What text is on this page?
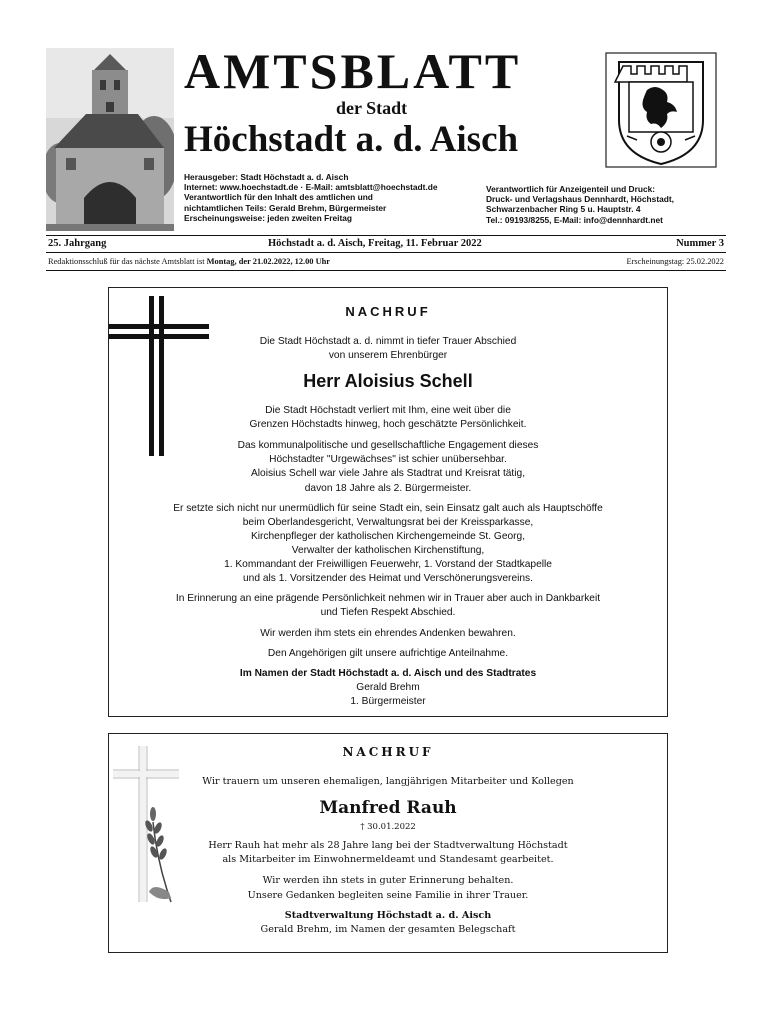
AMTSBLATT
der Stadt
Höchstadt a. d. Aisch
Herausgeber: Stadt Höchstadt a. d. Aisch
Internet: www.hoechstadt.de · E-Mail: amtsblatt@hoechstadt.de
Verantwortlich für den Inhalt des amtlichen und
nichtamtlichen Teils: Gerald Brehm, Bürgermeister
Erscheinungsweise: jeden zweiten Freitag
Verantwortlich für Anzeigenteil und Druck:
Druck- und Verlagshaus Dennhardt, Höchstadt,
Schwarzenbacher Ring 5 u. Hauptstr. 4
Tel.: 09193/8255, E-Mail: info@dennhardt.net
25. Jahrgang	Höchstadt a. d. Aisch, Freitag, 11. Februar 2022	Nummer 3
Redaktionsschluß für das nächste Amtsblatt ist Montag, der 21.02.2022, 12.00 Uhr	Erscheinungstag: 25.02.2022
NACHRUF
Die Stadt Höchstadt a. d. nimmt in tiefer Trauer Abschied
von unserem Ehrenbürger
Herr Aloisius Schell
Die Stadt Höchstadt verliert mit Ihm, eine weit über die
Grenzen Höchstadts hinweg, hoch geschätzte Persönlichkeit.
Das kommunalpolitische und gesellschaftliche Engagement dieses
Höchstadter "Urgewächses" ist schier unübersehbar.
Aloisius Schell war viele Jahre als Stadtrat und Kreisrat tätig,
davon 18 Jahre als 2. Bürgermeister.
Er setzte sich nicht nur unermüdlich für seine Stadt ein, sein Einsatz galt auch als Hauptschöffe
beim Oberlandesgericht, Verwaltungsrat bei der Kreissparkasse,
Kirchenpfleger der katholischen Kirchengemeinde St. Georg,
Verwalter der katholischen Kirchenstiftung,
1. Kommandant der Freiwilligen Feuerwehr, 1. Vorstand der Stadtkapelle
und als 1. Vorsitzender des Heimat und Verschönerungsvereins.
In Erinnerung an eine prägende Persönlichkeit nehmen wir in Trauer aber auch in Dankbarkeit
und Tiefen Respekt Abschied.
Wir werden ihm stets ein ehrendes Andenken bewahren.
Den Angehörigen gilt unsere aufrichtige Anteilnahme.
Im Namen der Stadt Höchstadt a. d. Aisch und des Stadtrates
Gerald Brehm
1. Bürgermeister
NACHRUF
Wir trauern um unseren ehemaligen, langjährigen Mitarbeiter und Kollegen
Manfred Rauh
† 30.01.2022
Herr Rauh hat mehr als 28 Jahre lang bei der Stadtverwaltung Höchstadt
als Mitarbeiter im Einwohnermeldeamt und Standesamt gearbeitet.
Wir werden ihn stets in guter Erinnerung behalten.
Unsere Gedanken begleiten seine Familie in ihrer Trauer.
Stadtverwaltung Höchstadt a. d. Aisch
Gerald Brehm, im Namen der gesamten Belegschaft
